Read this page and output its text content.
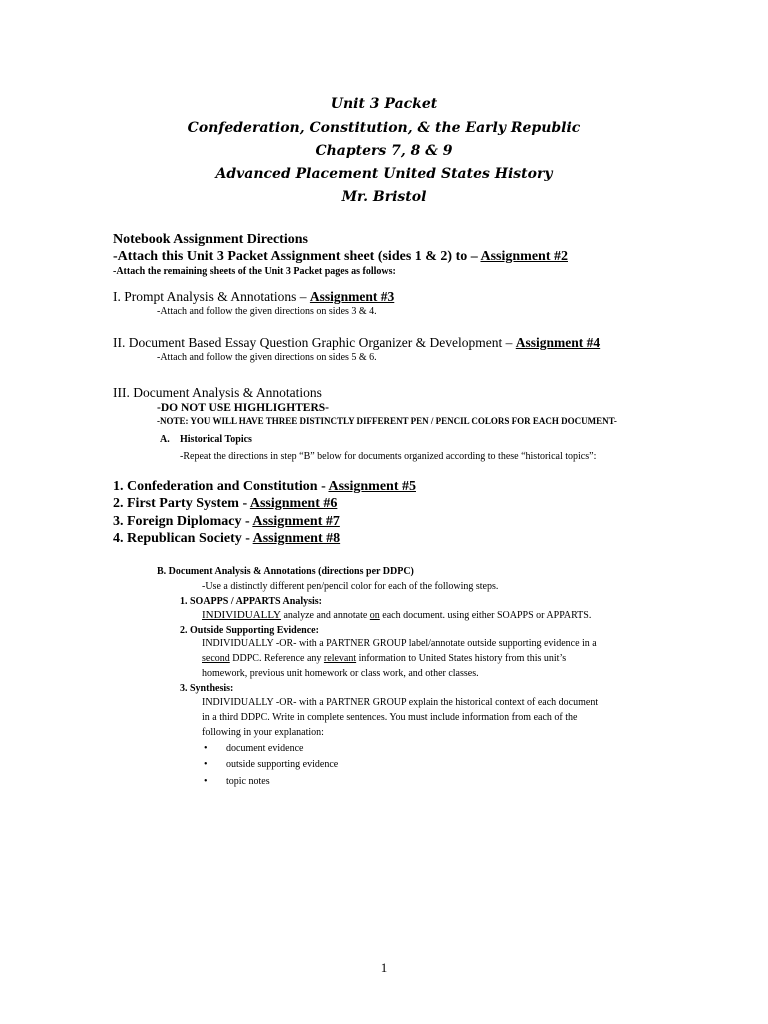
Unit 3 Packet
Confederation, Constitution, & the Early Republic
Chapters 7, 8 & 9
Advanced Placement United States History
Mr. Bristol
Notebook Assignment Directions
-Attach this Unit 3 Packet Assignment sheet (sides 1 & 2) to – Assignment #2
-Attach the remaining sheets of the Unit 3 Packet pages as follows:
I. Prompt Analysis & Annotations – Assignment #3
-Attach and follow the given directions on sides 3 & 4.
II. Document Based Essay Question Graphic Organizer & Development – Assignment #4
-Attach and follow the given directions on sides 5 & 6.
III. Document Analysis & Annotations
-DO NOT USE HIGHLIGHTERS-
-NOTE: YOU WILL HAVE THREE DISTINCTLY DIFFERENT PEN / PENCIL COLORS FOR EACH DOCUMENT-
A. Historical Topics
-Repeat the directions in step “B” below for documents organized according to these “historical topics”:
1. Confederation and Constitution - Assignment #5
2. First Party System - Assignment #6
3. Foreign Diplomacy - Assignment #7
4. Republican Society - Assignment #8
B. Document Analysis & Annotations (directions per DDPC)
-Use a distinctly different pen/pencil color for each of the following steps.
1. SOAPPS / APPARTS Analysis:
INDIVIDUALLY analyze and annotate on each document. using either SOAPPS or APPARTS.
2. Outside Supporting Evidence:
INDIVIDUALLY -OR- with a PARTNER GROUP label/annotate outside supporting evidence in a
second DDPC. Reference any relevant information to United States history from this unit’s
homework, previous unit homework or class work, and other classes.
3. Synthesis:
INDIVIDUALLY -OR- with a PARTNER GROUP explain the historical context of each document
in a third DDPC. Write in complete sentences. You must include information from each of the
following in your explanation:
• document evidence
• outside supporting evidence
• topic notes
1
